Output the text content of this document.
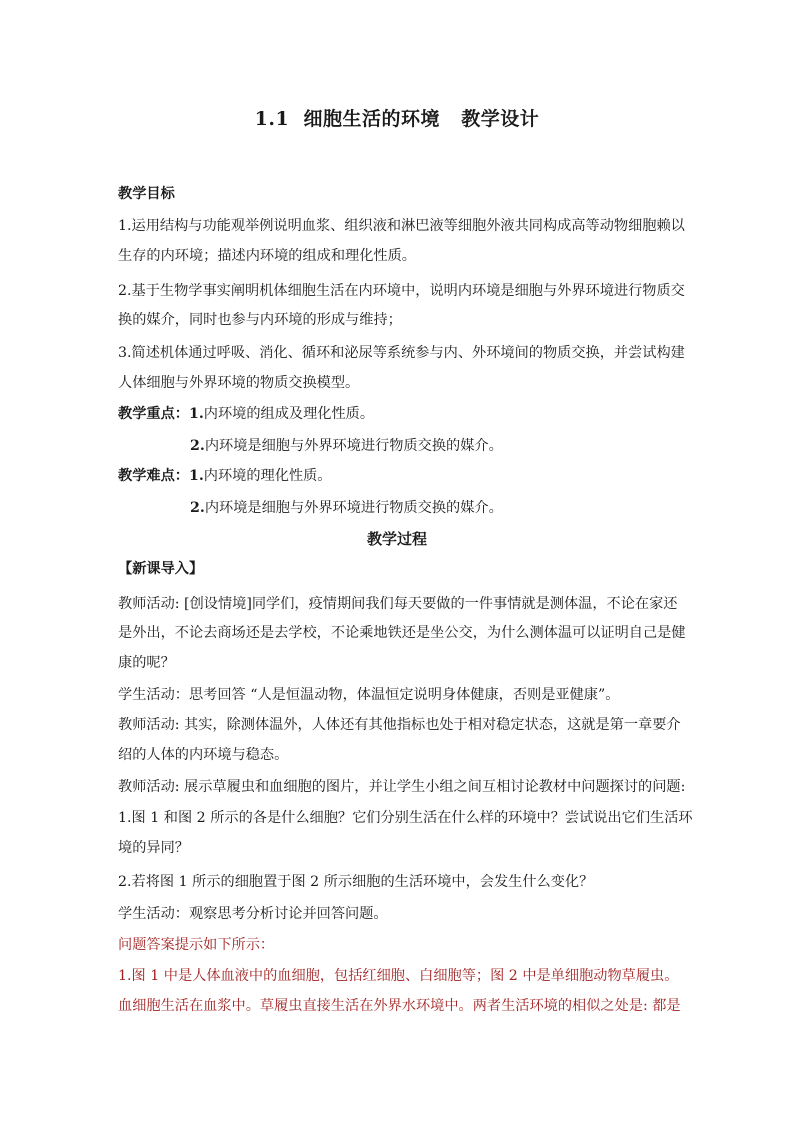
1.1  细胞生活的环境   教学设计
教学目标
1.运用结构与功能观举例说明血浆、组织液和淋巴液等细胞外液共同构成高等动物细胞赖以
生存的内环境；描述内环境的组成和理化性质。
2.基于生物学事实阐明机体细胞生活在内环境中，说明内环境是细胞与外界环境进行物质交
换的媒介，同时也参与内环境的形成与维持；
3.简述机体通过呼吸、消化、循环和泌尿等系统参与内、外环境间的物质交换，并尝试构建
人体细胞与外界环境的物质交换模型。
教学重点：1.内环境的组成及理化性质。
2.内环境是细胞与外界环境进行物质交换的媒介。
教学难点：1.内环境的理化性质。
2.内环境是细胞与外界环境进行物质交换的媒介。
教学过程
【新课导入】
教师活动: [创设情境]同学们，疫情期间我们每天要做的一件事情就是测体温，不论在家还
是外出，不论去商场还是去学校，不论乘地铁还是坐公交，为什么测体温可以证明自己是健
康的呢？
学生活动：思考回答 “人是恒温动物，体温恒定说明身体健康，否则是亚健康”。
教师活动: 其实，除测体温外，人体还有其他指标也处于相对稳定状态，这就是第一章要介
绍的人体的内环境与稳态。
教师活动: 展示草履虫和血细胞的图片，并让学生小组之间互相讨论教材中问题探讨的问题:
1.图 1 和图 2 所示的各是什么细胞？它们分别生活在什么样的环境中？尝试说出它们生活环
境的异同？
2.若将图 1 所示的细胞置于图 2 所示细胞的生活环境中，会发生什么变化？
学生活动：观察思考分析讨论并回答问题。
问题答案提示如下所示：
1.图 1 中是人体血液中的血细胞，包括红细胞、白细胞等；图 2 中是单细胞动物草履虫。
血细胞生活在血浆中。草履虫直接生活在外界水环境中。两者生活环境的相似之处是: 都是
